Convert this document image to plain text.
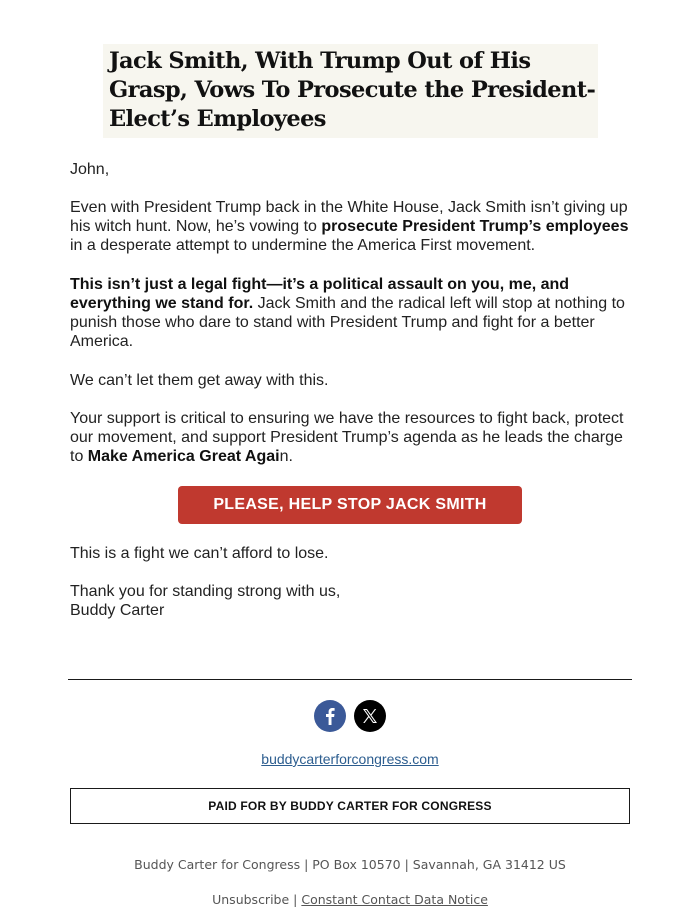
Jack Smith, With Trump Out of His Grasp, Vows To Prosecute the President-Elect’s Employees

John,

Even with President Trump back in the White House, Jack Smith isn’t giving up his witch hunt. Now, he’s vowing to prosecute President Trump’s employees in a desperate attempt to undermine the America First movement.

This isn’t just a legal fight—it’s a political assault on you, me, and everything we stand for. Jack Smith and the radical left will stop at nothing to punish those who dare to stand with President Trump and fight for a better America.

We can’t let them get away with this.

Your support is critical to ensuring we have the resources to fight back, protect our movement, and support President Trump’s agenda as he leads the charge to Make America Great Again.

PLEASE, HELP STOP JACK SMITH

This is a fight we can’t afford to lose.

Thank you for standing strong with us,

Buddy Carter

buddycarterforcongress.com
PAID FOR BY BUDDY CARTER FOR CONGRESS
Buddy Carter for Congress | PO Box 10570 | Savannah, GA 31412 US
Unsubscribe | Constant Contact Data Notice
